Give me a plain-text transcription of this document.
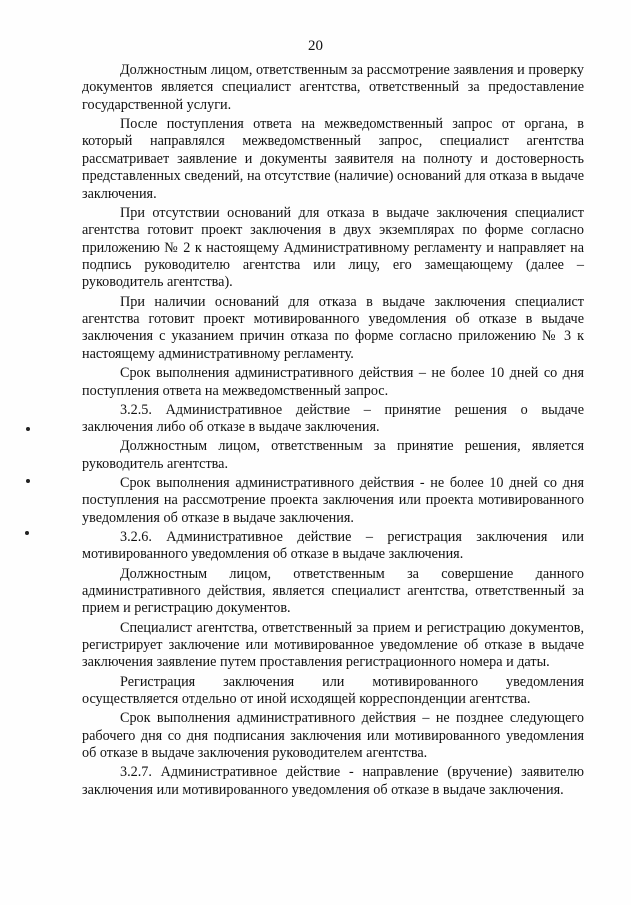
20

Должностным лицом, ответственным за рассмотрение заявления и проверку документов является специалист агентства, ответственный за предоставление государственной услуги.

После поступления ответа на межведомственный запрос от органа, в который направлялся межведомственный запрос, специалист агентства рассматривает заявление и документы заявителя на полноту и достоверность представленных сведений, на отсутствие (наличие) оснований для отказа в выдаче заключения.

При отсутствии оснований для отказа в выдаче заключения специалист агентства готовит проект заключения в двух экземплярах по форме согласно приложению № 2 к настоящему Административному регламенту и направляет на подпись руководителю агентства или лицу, его замещающему (далее – руководитель агентства).

При наличии оснований для отказа в выдаче заключения специалист агентства готовит проект мотивированного уведомления об отказе в выдаче заключения с указанием причин отказа по форме согласно приложению № 3 к настоящему административному регламенту.

Срок выполнения административного действия – не более 10 дней со дня поступления ответа на межведомственный запрос.

3.2.5. Административное действие – принятие решения о выдаче заключения либо об отказе в выдаче заключения.

Должностным лицом, ответственным за принятие решения, является руководитель агентства.

Срок выполнения административного действия - не более 10 дней со дня поступления на рассмотрение проекта заключения или проекта мотивированного уведомления об отказе в выдаче заключения.

3.2.6. Административное действие – регистрация заключения или мотивированного уведомления об отказе в выдаче заключения.

Должностным лицом, ответственным за совершение данного административного действия, является специалист агентства, ответственный за прием и регистрацию документов.

Специалист агентства, ответственный за прием и регистрацию документов, регистрирует заключение или мотивированное уведомление об отказе в выдаче заключения заявление путем проставления регистрационного номера и даты.

Регистрация заключения или мотивированного уведомления осуществляется отдельно от иной исходящей корреспонденции агентства.

Срок выполнения административного действия – не позднее следующего рабочего дня со дня подписания заключения или мотивированного уведомления об отказе в выдаче заключения руководителем агентства.

3.2.7. Административное действие - направление (вручение) заявителю заключения или мотивированного уведомления об отказе в выдаче заключения.
